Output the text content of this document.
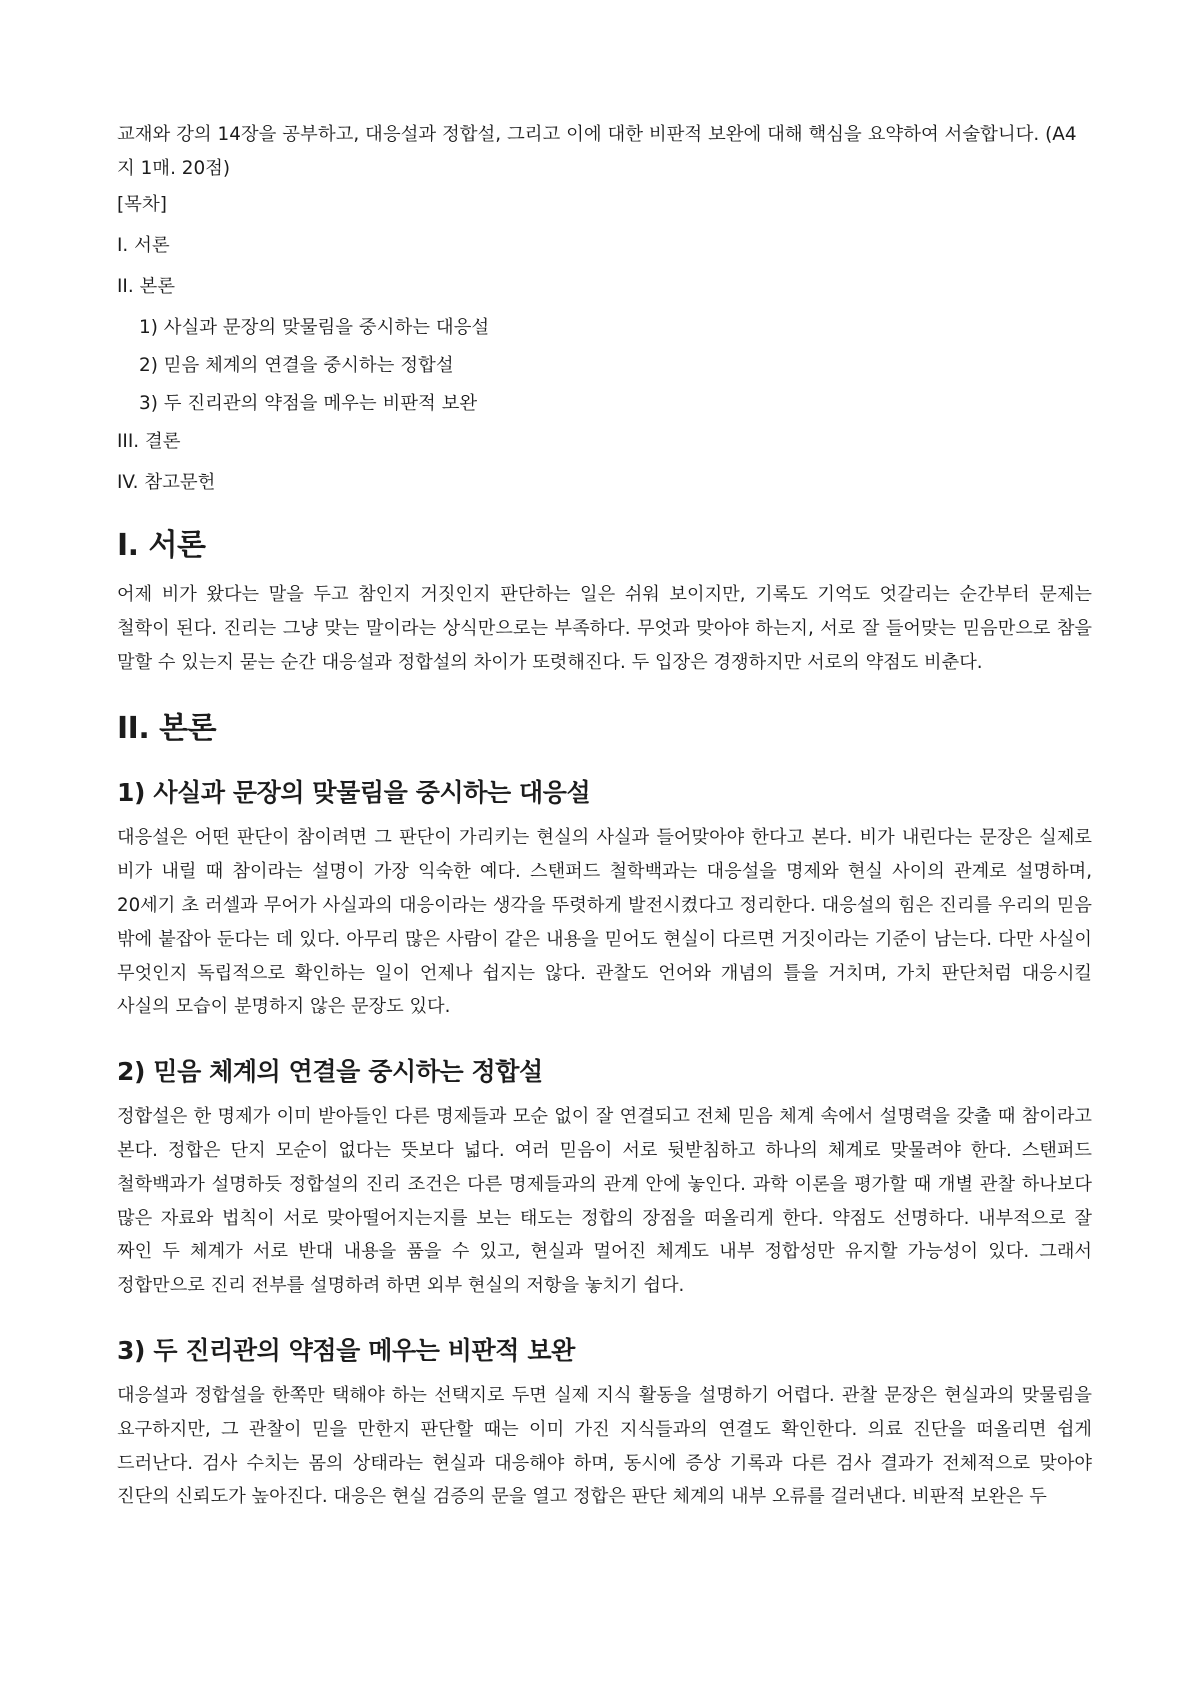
교재와 강의 14장을 공부하고, 대응설과 정합설, 그리고 이에 대한 비판적 보완에 대해 핵심을 요약하여 서술합니다. (A4지 1매. 20점)

[목차]

I. 서론

II. 본론

1) 사실과 문장의 맞물림을 중시하는 대응설

2) 믿음 체계의 연결을 중시하는 정합설

3) 두 진리관의 약점을 메우는 비판적 보완

III. 결론

IV. 참고문헌

I. 서론

어제 비가 왔다는 말을 두고 참인지 거짓인지 판단하는 일은 쉬워 보이지만, 기록도 기억도 엇갈리는 순간부터 문제는 철학이 된다. 진리는 그냥 맞는 말이라는 상식만으로는 부족하다. 무엇과 맞아야 하는지, 서로 잘 들어맞는 믿음만으로 참을 말할 수 있는지 묻는 순간 대응설과 정합설의 차이가 또렷해진다. 두 입장은 경쟁하지만 서로의 약점도 비춘다.

II. 본론
1) 사실과 문장의 맞물림을 중시하는 대응설

대응설은 어떤 판단이 참이려면 그 판단이 가리키는 현실의 사실과 들어맞아야 한다고 본다. 비가 내린다는 문장은 실제로 비가 내릴 때 참이라는 설명이 가장 익숙한 예다. 스탠퍼드 철학백과는 대응설을 명제와 현실 사이의 관계로 설명하며, 20세기 초 러셀과 무어가 사실과의 대응이라는 생각을 뚜렷하게 발전시켰다고 정리한다. 대응설의 힘은 진리를 우리의 믿음 밖에 붙잡아 둔다는 데 있다. 아무리 많은 사람이 같은 내용을 믿어도 현실이 다르면 거짓이라는 기준이 남는다. 다만 사실이 무엇인지 독립적으로 확인하는 일이 언제나 쉽지는 않다. 관찰도 언어와 개념의 틀을 거치며, 가치 판단처럼 대응시킬 사실의 모습이 분명하지 않은 문장도 있다.

2) 믿음 체계의 연결을 중시하는 정합설

정합설은 한 명제가 이미 받아들인 다른 명제들과 모순 없이 잘 연결되고 전체 믿음 체계 속에서 설명력을 갖출 때 참이라고 본다. 정합은 단지 모순이 없다는 뜻보다 넓다. 여러 믿음이 서로 뒷받침하고 하나의 체계로 맞물려야 한다. 스탠퍼드 철학백과가 설명하듯 정합설의 진리 조건은 다른 명제들과의 관계 안에 놓인다. 과학 이론을 평가할 때 개별 관찰 하나보다 많은 자료와 법칙이 서로 맞아떨어지는지를 보는 태도는 정합의 장점을 떠올리게 한다. 약점도 선명하다. 내부적으로 잘 짜인 두 체계가 서로 반대 내용을 품을 수 있고, 현실과 멀어진 체계도 내부 정합성만 유지할 가능성이 있다. 그래서 정합만으로 진리 전부를 설명하려 하면 외부 현실의 저항을 놓치기 쉽다.

3) 두 진리관의 약점을 메우는 비판적 보완

대응설과 정합설을 한쪽만 택해야 하는 선택지로 두면 실제 지식 활동을 설명하기 어렵다. 관찰 문장은 현실과의 맞물림을 요구하지만, 그 관찰이 믿을 만한지 판단할 때는 이미 가진 지식들과의 연결도 확인한다. 의료 진단을 떠올리면 쉽게 드러난다. 검사 수치는 몸의 상태라는 현실과 대응해야 하며, 동시에 증상 기록과 다른 검사 결과가 전체적으로 맞아야 진단의 신뢰도가 높아진다. 대응은 현실 검증의 문을 열고 정합은 판단 체계의 내부 오류를 걸러낸다. 비판적 보완은 두
